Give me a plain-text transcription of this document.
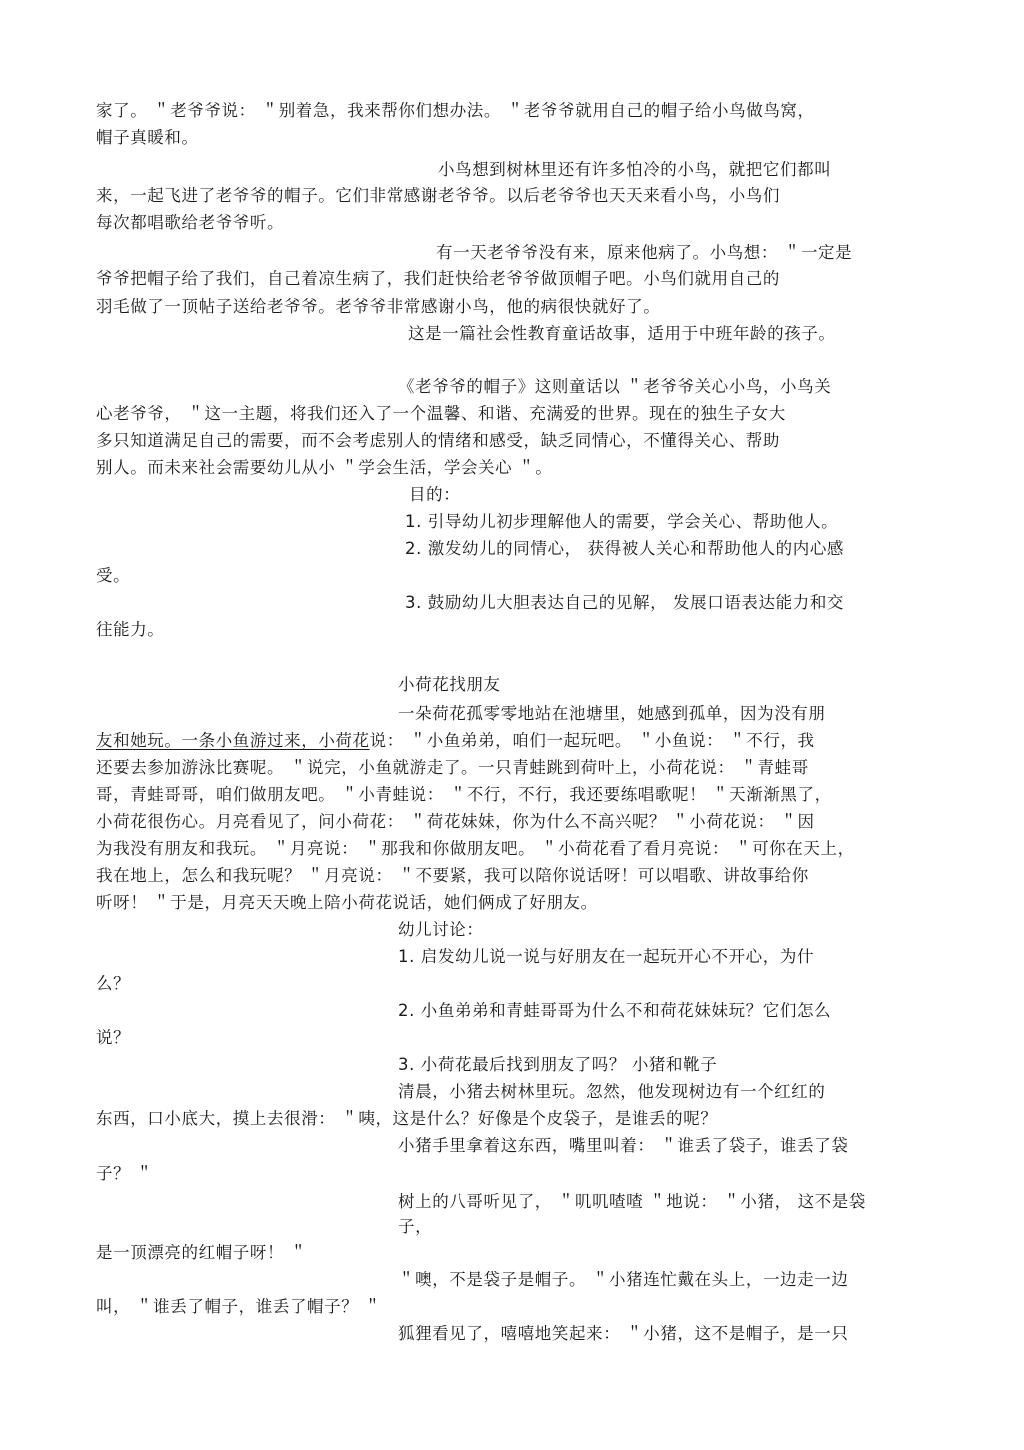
家了。 ＂老爷爷说： ＂别着急，我来帮你们想办法。 ＂老爷爷就用自己的帽子给小鸟做鸟窝，
帽子真暖和。
小鸟想到树林里还有许多怕冷的小鸟，就把它们都叫
来，一起飞进了老爷爷的帽子。它们非常感谢老爷爷。以后老爷爷也天天来看小鸟，小鸟们
每次都唱歌给老爷爷听。
有一天老爷爷没有来，原来他病了。小鸟想： ＂一定是
爷爷把帽子给了我们，自己着凉生病了，我们赶快给老爷爷做顶帽子吧。小鸟们就用自己的
羽毛做了一顶帖子送给老爷爷。老爷爷非常感谢小鸟，他的病很快就好了。
这是一篇社会性教育童话故事，适用于中班年龄的孩子。
《老爷爷的帽子》这则童话以 ＂老爷爷关心小鸟，小鸟关
心老爷爷， ＂这一主题，将我们还入了一个温馨、和谐、充满爱的世界。现在的独生子女大
多只知道满足自己的需要，而不会考虑别人的情绪和感受，缺乏同情心，不懂得关心、帮助
别人。而未来社会需要幼儿从小 ＂学会生活，学会关心 ＂。
目的：
1. 引导幼儿初步理解他人的需要，学会关心、帮助他人。
2. 激发幼儿的同情心， 获得被人关心和帮助他人的内心感
受。
3. 鼓励幼儿大胆表达自己的见解， 发展口语表达能力和交
往能力。
小荷花找朋友
一朵荷花孤零零地站在池塘里，她感到孤单，因为没有朋
友和她玩。一条小鱼游过来，小荷花说： ＂小鱼弟弟，咱们一起玩吧。 ＂小鱼说： ＂不行，我
还要去参加游泳比赛呢。 ＂说完，小鱼就游走了。一只青蛙跳到荷叶上，小荷花说： ＂青蛙哥
哥，青蛙哥哥，咱们做朋友吧。 ＂小青蛙说： ＂不行，不行，我还要练唱歌呢！ ＂天渐渐黑了，
小荷花很伤心。月亮看见了，问小荷花： ＂荷花妹妹，你为什么不高兴呢？ ＂小荷花说： ＂因
为我没有朋友和我玩。 ＂月亮说： ＂那我和你做朋友吧。 ＂小荷花看了看月亮说： ＂可你在天上，
我在地上，怎么和我玩呢？ ＂月亮说： ＂不要紧，我可以陪你说话呀！可以唱歌、讲故事给你
听呀！ ＂于是，月亮天天晚上陪小荷花说话，她们俩成了好朋友。
幼儿讨论：
1. 启发幼儿说一说与好朋友在一起玩开心不开心，为什
么？
2. 小鱼弟弟和青蛙哥哥为什么不和荷花妹妹玩？它们怎么
说？
3. 小荷花最后找到朋友了吗？ 小猪和靴子
清晨，小猪去树林里玩。忽然，他发现树边有一个红红的
东西，口小底大，摸上去很滑： ＂咦，这是什么？好像是个皮袋子，是谁丢的呢？
小猪手里拿着这东西，嘴里叫着： ＂谁丢了袋子，谁丢了袋
子？ ＂
树上的八哥听见了， ＂叽叽喳喳 ＂地说： ＂小猪， 这不是袋
子，
是一顶漂亮的红帽子呀！ ＂
＂噢，不是袋子是帽子。 ＂小猪连忙戴在头上，一边走一边
叫， ＂谁丢了帽子，谁丢了帽子？ ＂
狐狸看见了，嘻嘻地笑起来： ＂小猪，这不是帽子，是一只
